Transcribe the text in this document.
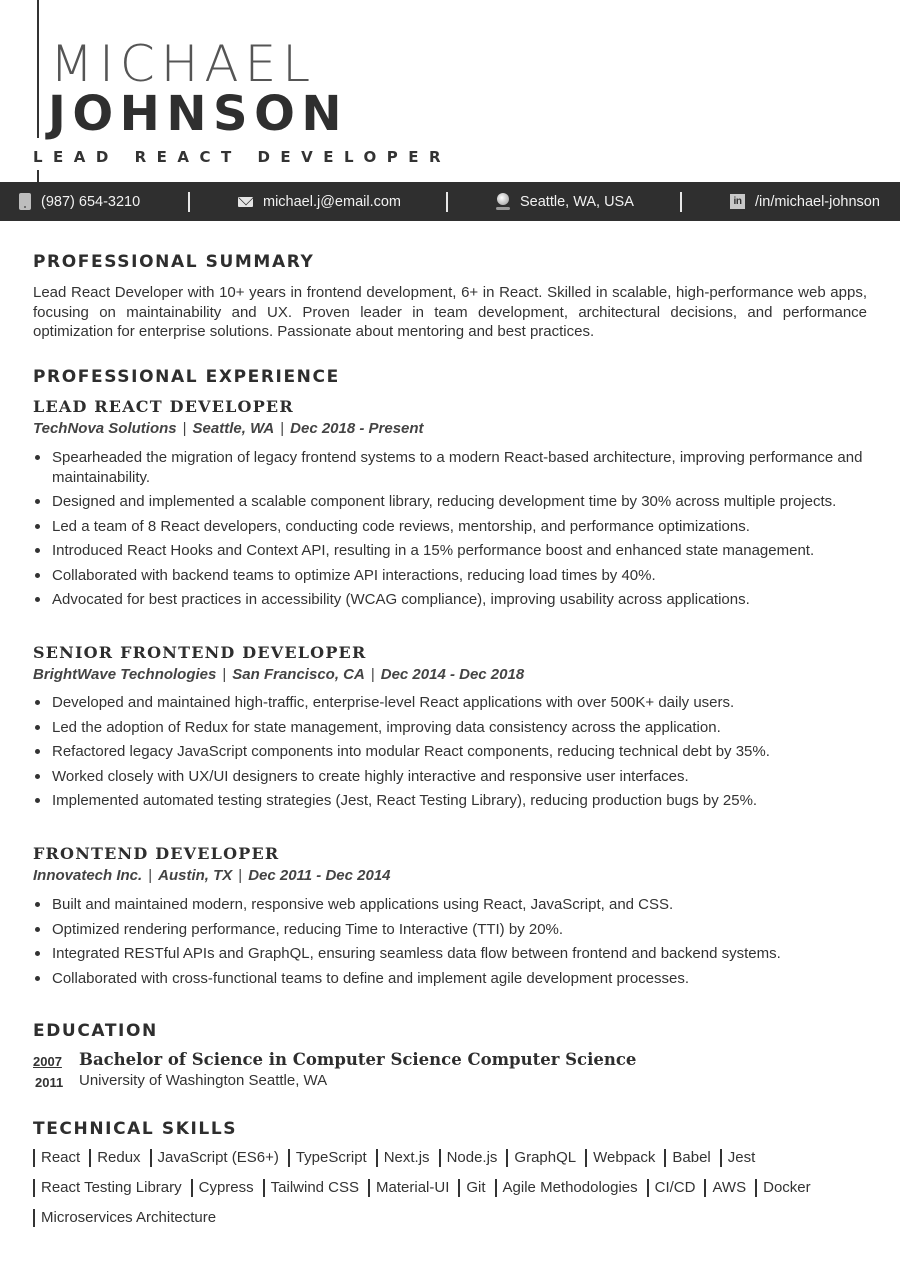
MICHAEL
JOHNSON
LEAD REACT DEVELOPER
(987) 654-3210	michael.j@email.com	Seattle, WA, USA	in /in/michael-johnson
PROFESSIONAL SUMMARY
Lead React Developer with 10+ years in frontend development, 6+ in React. Skilled in scalable, high-performance web apps, focusing on maintainability and UX. Proven leader in team development, architectural decisions, and performance optimization for enterprise solutions. Passionate about mentoring and best practices.
PROFESSIONAL EXPERIENCE
LEAD REACT DEVELOPER
TechNova Solutions | Seattle, WA | Dec 2018 - Present
Spearheaded the migration of legacy frontend systems to a modern React-based architecture, improving performance and maintainability.
Designed and implemented a scalable component library, reducing development time by 30% across multiple projects.
Led a team of 8 React developers, conducting code reviews, mentorship, and performance optimizations.
Introduced React Hooks and Context API, resulting in a 15% performance boost and enhanced state management.
Collaborated with backend teams to optimize API interactions, reducing load times by 40%.
Advocated for best practices in accessibility (WCAG compliance), improving usability across applications.
SENIOR FRONTEND DEVELOPER
BrightWave Technologies | San Francisco, CA | Dec 2014 - Dec 2018
Developed and maintained high-traffic, enterprise-level React applications with over 500K+ daily users.
Led the adoption of Redux for state management, improving data consistency across the application.
Refactored legacy JavaScript components into modular React components, reducing technical debt by 35%.
Worked closely with UX/UI designers to create highly interactive and responsive user interfaces.
Implemented automated testing strategies (Jest, React Testing Library), reducing production bugs by 25%.
FRONTEND DEVELOPER
Innovatech Inc. | Austin, TX | Dec 2011 - Dec 2014
Built and maintained modern, responsive web applications using React, JavaScript, and CSS.
Optimized rendering performance, reducing Time to Interactive (TTI) by 20%.
Integrated RESTful APIs and GraphQL, ensuring seamless data flow between frontend and backend systems.
Collaborated with cross-functional teams to define and implement agile development processes.
EDUCATION
2007
2011
Bachelor of Science in Computer Science Computer Science
University of Washington Seattle, WA
TECHNICAL SKILLS
React	Redux	JavaScript (ES6+)	TypeScript	Next.js	Node.js	GraphQL	Webpack	Babel	Jest
React Testing Library	Cypress	Tailwind CSS	Material-UI	Git	Agile Methodologies	CI/CD	AWS	Docker
Microservices Architecture
